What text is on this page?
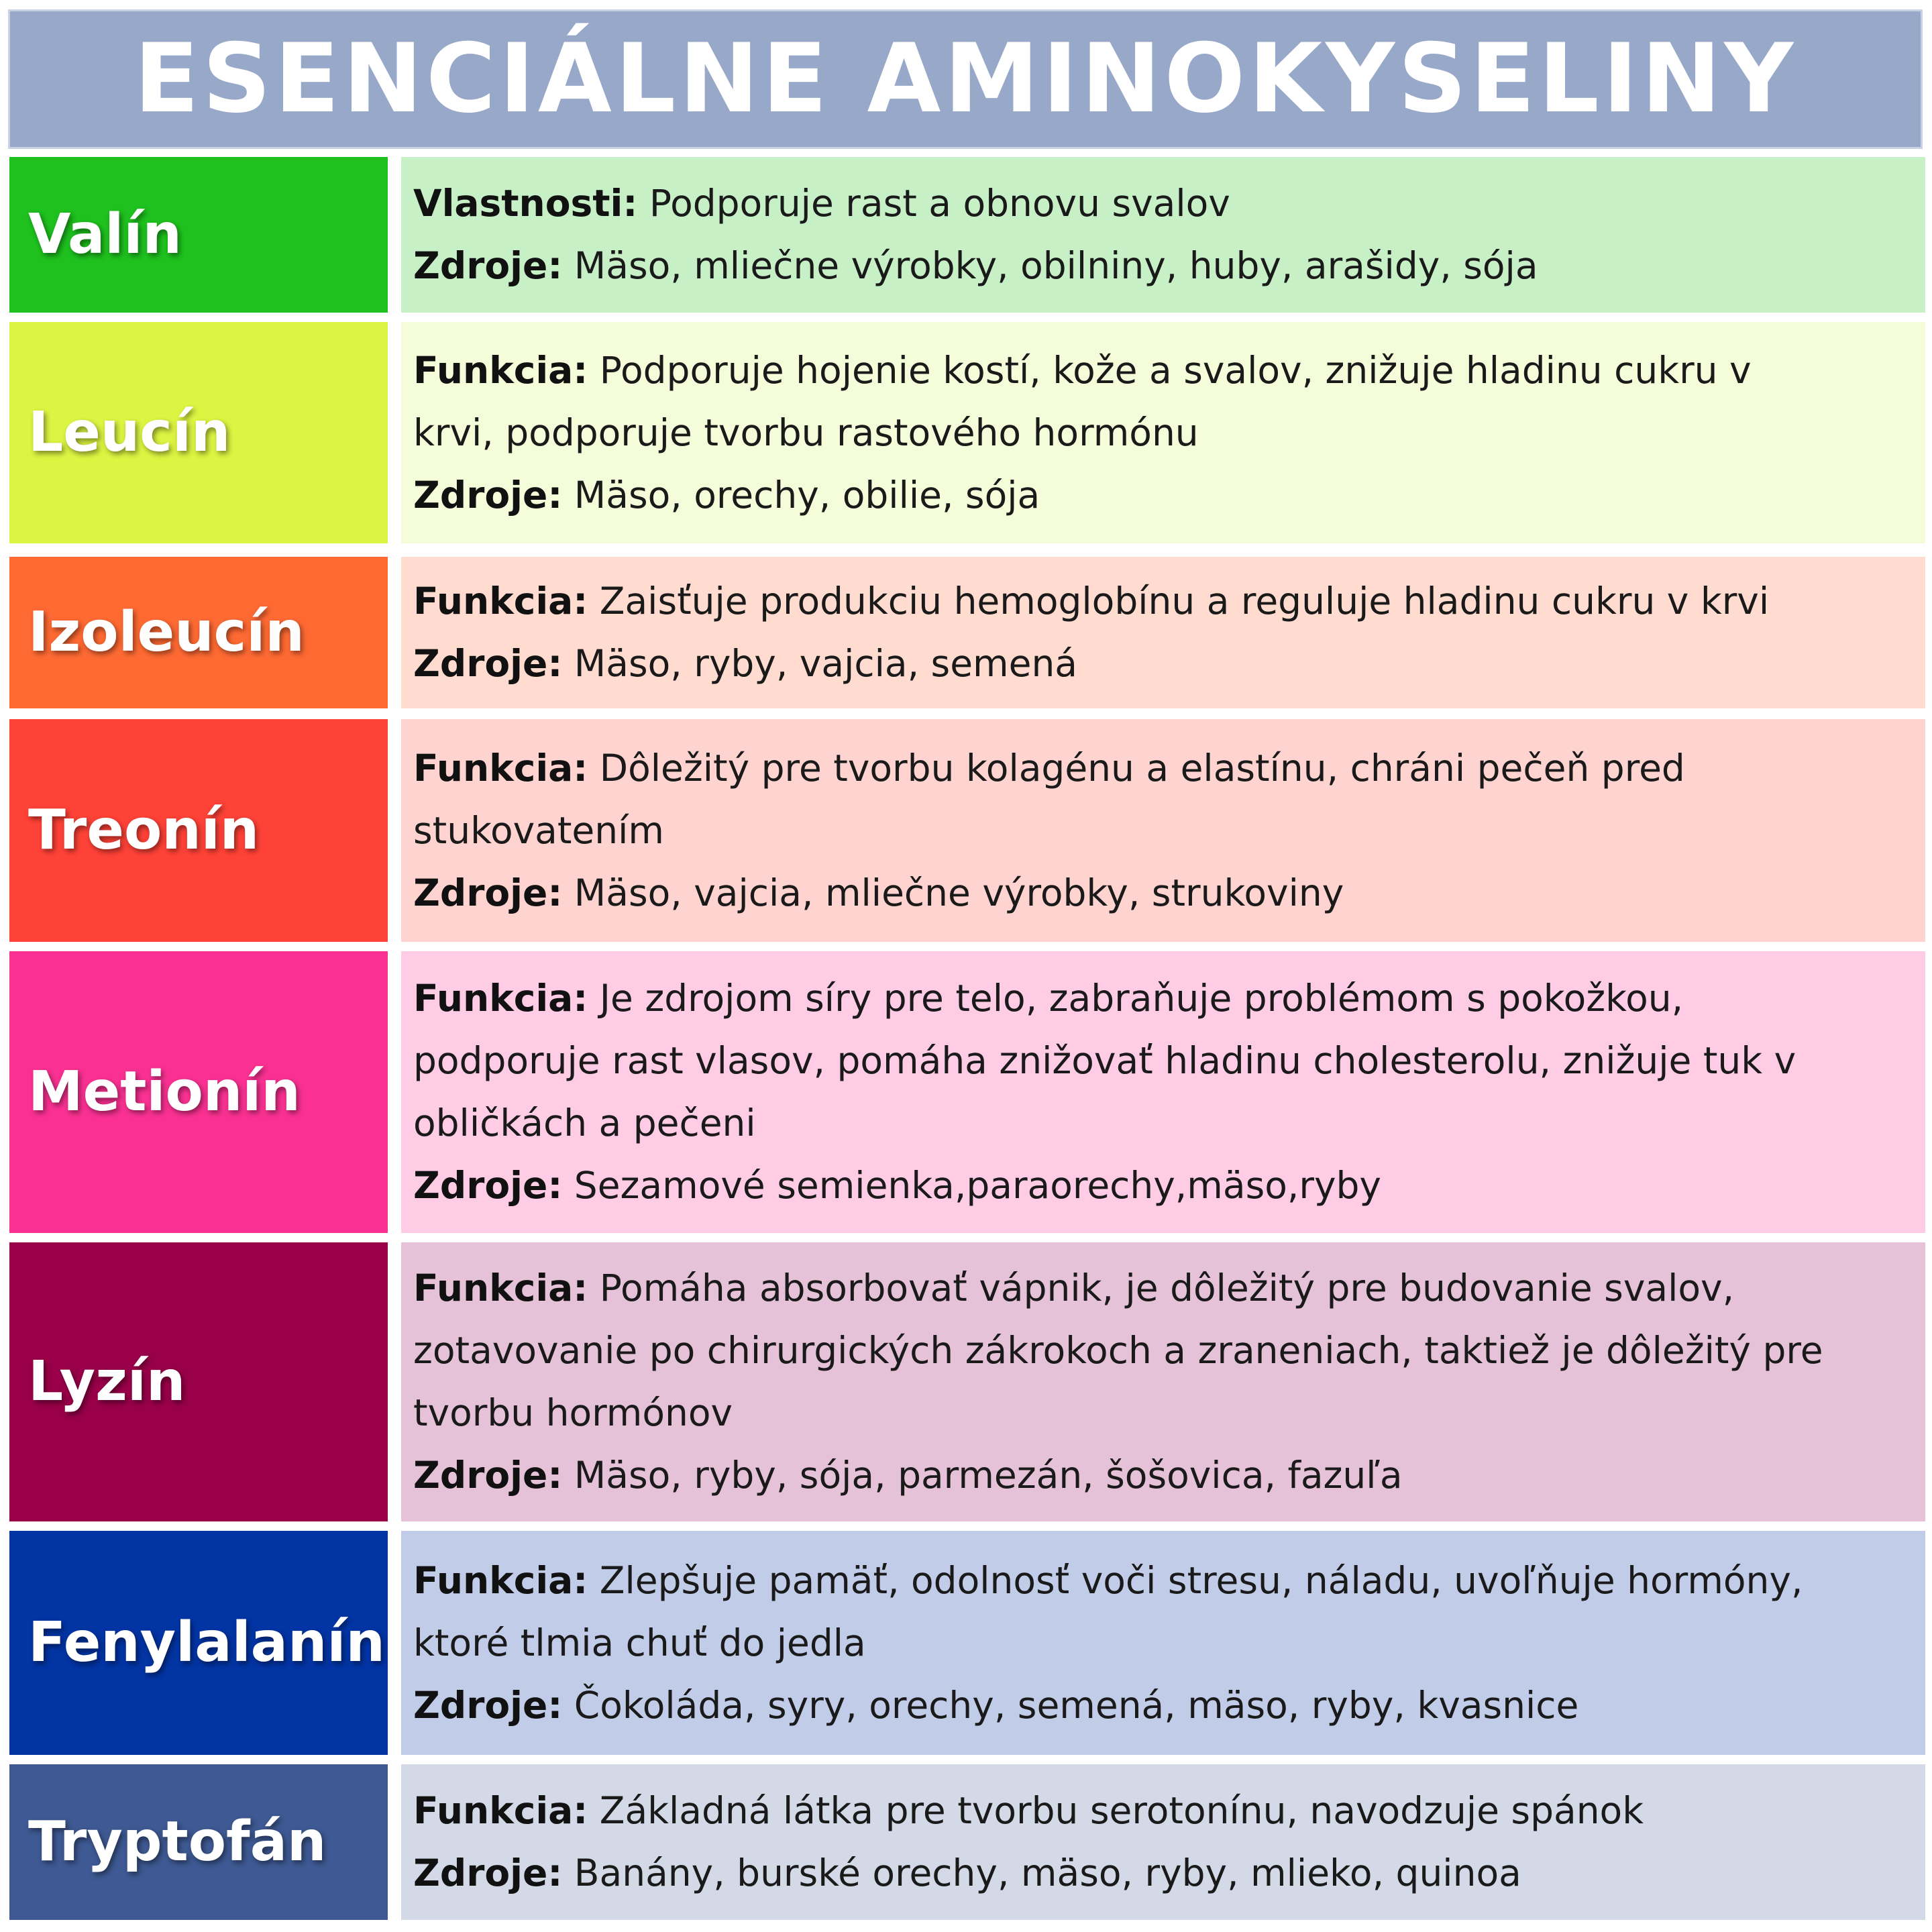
ESENCIÁLNE AMINOKYSELINY
Valín	Vlastnosti: Podporuje rast a obnovu svalov
Zdroje: Mäso, mliečne výrobky, obilniny, huby, arašidy, sója
Leucín
Funkcia: Podporuje hojenie kostí, kože a svalov, znižuje hladinu cukru v
krvi, podporuje tvorbu rastového hormónu
Zdroje: Mäso, orechy, obilie, sója
Izoleucín	Funkcia: Zaisťuje produkciu hemoglobínu a reguluje hladinu cukru v krvi
Zdroje: Mäso, ryby, vajcia, semená
Treonín
Funkcia: Dôležitý pre tvorbu kolagénu a elastínu, chráni pečeň pred
stukovatením
Zdroje: Mäso, vajcia, mliečne výrobky, strukoviny
Metionín
Funkcia: Je zdrojom síry pre telo, zabraňuje problémom s pokožkou,
podporuje rast vlasov, pomáha znižovať hladinu cholesterolu, znižuje tuk v
obličkách a pečeni
Zdroje: Sezamové semienka,paraorechy,mäso,ryby
Lyzín
Funkcia: Pomáha absorbovať vápnik, je dôležitý pre budovanie svalov,
zotavovanie po chirurgických zákrokoch a zraneniach, taktiež je dôležitý pre
tvorbu hormónov
Zdroje: Mäso, ryby, sója, parmezán, šošovica, fazuľa
Fenylalanín
Funkcia: Zlepšuje pamäť, odolnosť voči stresu, náladu, uvoľňuje hormóny,
ktoré tlmia chuť do jedla
Zdroje: Čokoláda, syry, orechy, semená, mäso, ryby, kvasnice
Tryptofán Funkcia: Základná látka pre tvorbu serotonínu, navodzuje spánok
Zdroje: Banány, burské orechy, mäso, ryby, mlieko, quinoa
